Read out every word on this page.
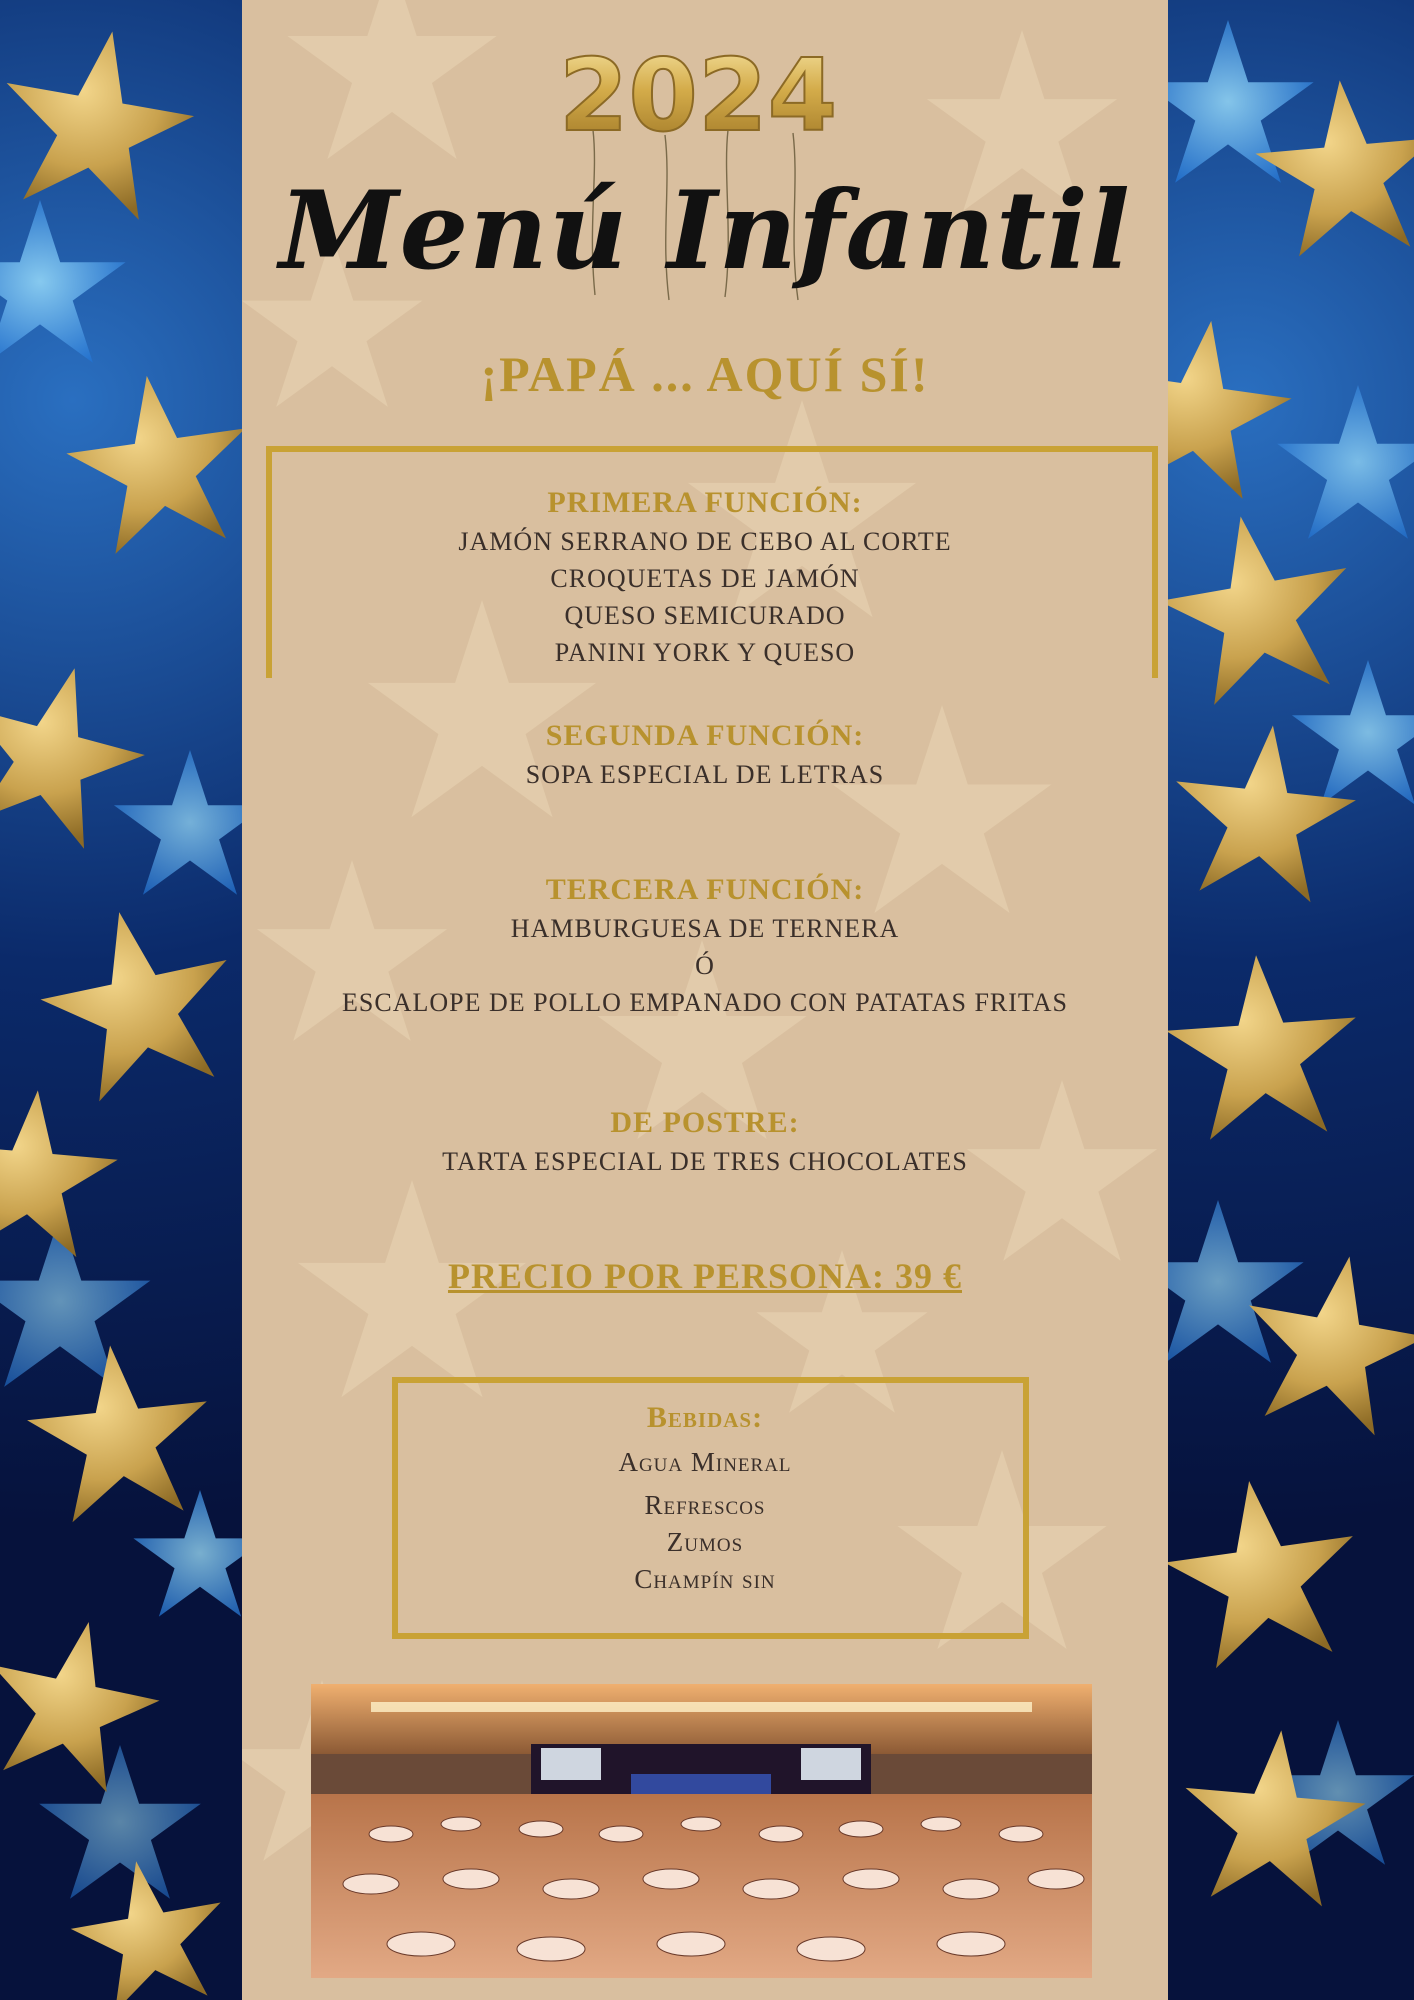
2024
Menú Infantil
¡PAPÁ ... AQUÍ SÍ!
PRIMERA FUNCIÓN:
JAMÓN SERRANO DE CEBO AL CORTE
CROQUETAS DE JAMÓN
QUESO SEMICURADO
PANINI YORK Y QUESO
SEGUNDA FUNCIÓN:
SOPA ESPECIAL DE LETRAS
TERCERA FUNCIÓN:
HAMBURGUESA DE TERNERA
Ó
ESCALOPE DE POLLO EMPANADO CON PATATAS FRITAS
DE POSTRE:
TARTA ESPECIAL DE TRES CHOCOLATES
PRECIO POR PERSONA: 39 €
Bebidas:
Agua Mineral
Refrescos
Zumos
Champín sin
